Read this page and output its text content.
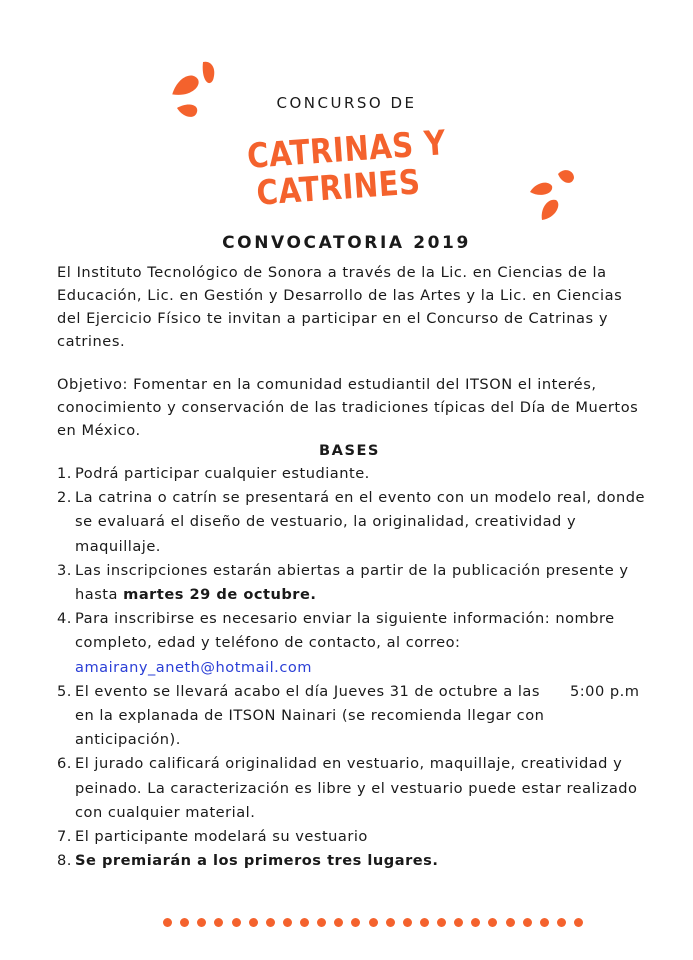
CONCURSO DE
CATRINAS Y
CATRINES
CONVOCATORIA 2019
El Instituto Tecnológico de Sonora a través de la Lic. en Ciencias de la Educación, Lic. en Gestión y Desarrollo de las Artes y la Lic. en Ciencias del Ejercicio Físico te invitan a participar en el Concurso de Catrinas y catrines.
Objetivo: Fomentar en la comunidad estudiantil del ITSON el interés, conocimiento y conservación de las tradiciones típicas del Día de Muertos en México.
BASES
1. Podrá participar cualquier estudiante.
2. La catrina o catrín se presentará en el evento con un modelo real, donde se evaluará el diseño de vestuario, la originalidad, creatividad y maquillaje.
3. Las inscripciones estarán abiertas a partir de la publicación presente y hasta martes 29 de octubre.
4. Para inscribirse es necesario enviar la siguiente información: nombre completo, edad y teléfono de contacto, al correo:
amairany_aneth@hotmail.com
5. El evento se llevará acabo el día Jueves 31 de octubre a las 5:00 p.m
en la explanada de ITSON Nainari (se recomienda llegar con anticipación).
6. El jurado calificará originalidad en vestuario, maquillaje, creatividad y peinado. La caracterización es libre y el vestuario puede estar realizado con cualquier material.
7. El participante modelará su vestuario
8. Se premiarán a los primeros tres lugares.
